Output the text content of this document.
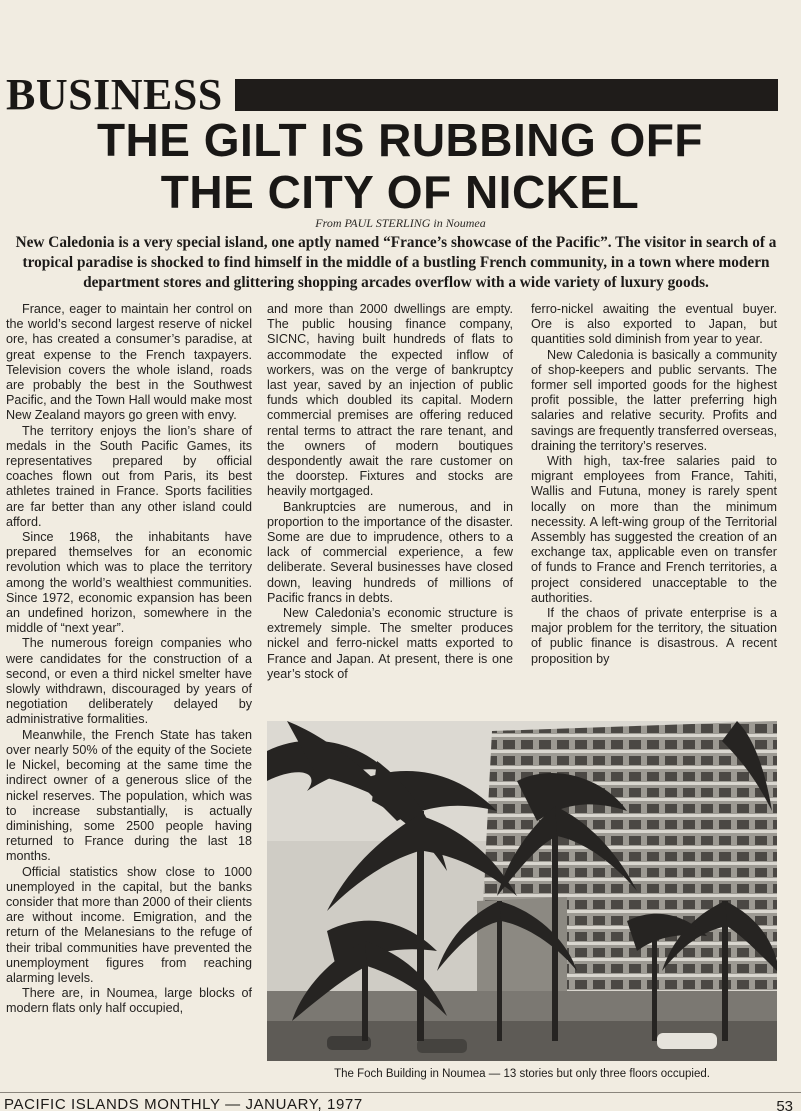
BUSINESS
THE GILT IS RUBBING OFF
THE CITY OF NICKEL
From PAUL STERLING in Noumea
New Caledonia is a very special island, one aptly named “France’s showcase of the Pacific”. The visitor in search of a tropical paradise is shocked to find himself in the middle of a bustling French community, in a town where modern department stores and glittering shopping arcades overflow with a wide variety of luxury goods.

France, eager to maintain her control on the world’s second largest reserve of nickel ore, has created a consumer’s paradise, at great expense to the French taxpayers. Television covers the whole island, roads are probably the best in the Southwest Pacific, and the Town Hall would make most New Zealand mayors go green with envy.

The territory enjoys the lion’s share of medals in the South Pacific Games, its representatives prepared by official coaches flown out from Paris, its best athletes trained in France. Sports facilities are far better than any other island could afford.

Since 1968, the inhabitants have prepared themselves for an economic revolution which was to place the territory among the world’s wealthiest communities. Since 1972, economic expansion has been an undefined horizon, somewhere in the middle of “next year”.

The numerous foreign companies who were candidates for the construction of a second, or even a third nickel smelter have slowly withdrawn, discouraged by years of negotiation deliberately delayed by administrative formalities.

Meanwhile, the French State has taken over nearly 50% of the equity of the Societe le Nickel, becoming at the same time the indirect owner of a generous slice of the nickel reserves. The population, which was to increase substantially, is actually diminishing, some 2500 people having returned to France during the last 18 months.

Official statistics show close to 1000 unemployed in the capital, but the banks consider that more than 2000 of their clients are without income. Emigration, and the return of the Melanesians to the refuge of their tribal communities have prevented the unemployment figures from reaching alarming levels.

There are, in Noumea, large blocks of modern flats only half occupied,

and more than 2000 dwellings are empty. The public housing finance company, SICNC, having built hundreds of flats to accommodate the expected inflow of workers, was on the verge of bankruptcy last year, saved by an injection of public funds which doubled its capital. Modern commercial premises are offering reduced rental terms to attract the rare tenant, and the owners of modern boutiques despondently await the rare customer on the doorstep. Fixtures and stocks are heavily mortgaged.

Bankruptcies are numerous, and in proportion to the importance of the disaster. Some are due to imprudence, others to a lack of commercial experience, a few deliberate. Several businesses have closed down, leaving hundreds of millions of Pacific francs in debts.

New Caledonia’s economic structure is extremely simple. The smelter produces nickel and ferro-nickel matts exported to France and Japan. At present, there is one year’s stock of

ferro-nickel awaiting the eventual buyer. Ore is also exported to Japan, but quantities sold diminish from year to year.

New Caledonia is basically a community of shop-keepers and public servants. The former sell imported goods for the highest profit possible, the latter preferring high salaries and relative security. Profits and savings are frequently transferred overseas, draining the territory’s reserves.

With high, tax-free salaries paid to migrant employees from France, Tahiti, Wallis and Futuna, money is rarely spent locally on more than the minimum necessity. A left-wing group of the Territorial Assembly has suggested the creation of an exchange tax, applicable even on transfer of funds to France and French territories, a project considered unacceptable to the authorities.

If the chaos of private enterprise is a major problem for the territory, the situation of public finance is disastrous. A recent proposition by

The Foch Building in Noumea — 13 stories but only three floors occupied.
PACIFIC ISLANDS MONTHLY — JANUARY, 1977	53
